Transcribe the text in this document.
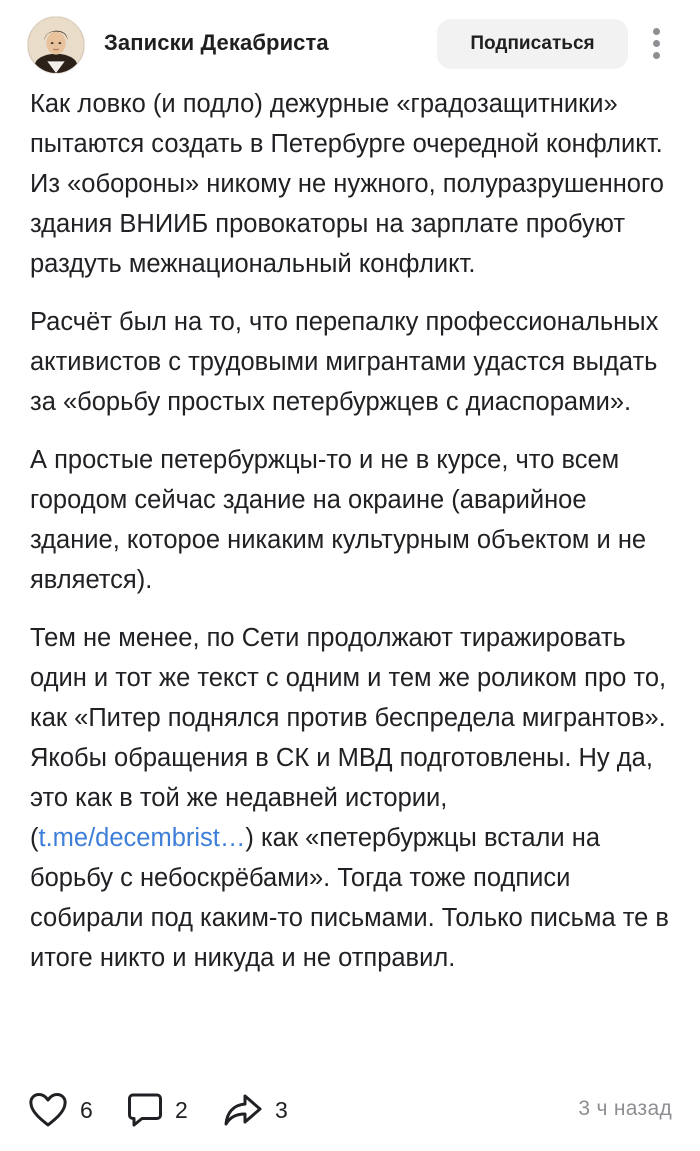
Записки Декабриста	Подписаться

Как ловко (и подло) дежурные «градозащитники» пытаются создать в Петербурге очередной конфликт. Из «обороны» никому не нужного, полуразрушенного здания ВНИИБ провокаторы на зарплате пробуют раздуть межнациональный конфликт.

Расчёт был на то, что перепалку профессиональных активистов с трудовыми мигрантами удастся выдать за «борьбу простых петербуржцев с диаспорами».

А простые петербуржцы-то и не в курсе, что всем городом сейчас здание на окраине (аварийное здание, которое никаким культурным объектом и не является).

Тем не менее, по Сети продолжают тиражировать один и тот же текст с одним и тем же роликом про то, как «Питер поднялся против беспредела мигрантов». Якобы обращения в СК и МВД подготовлены. Ну да, это как в той же недавней истории, (t.me/decembrist…) как «петербуржцы встали на борьбу с небоскрёбами». Тогда тоже подписи собирали под каким-то письмами. Только письма те в итоге никто и никуда и не отправил.

6	2	3	3 ч назад
